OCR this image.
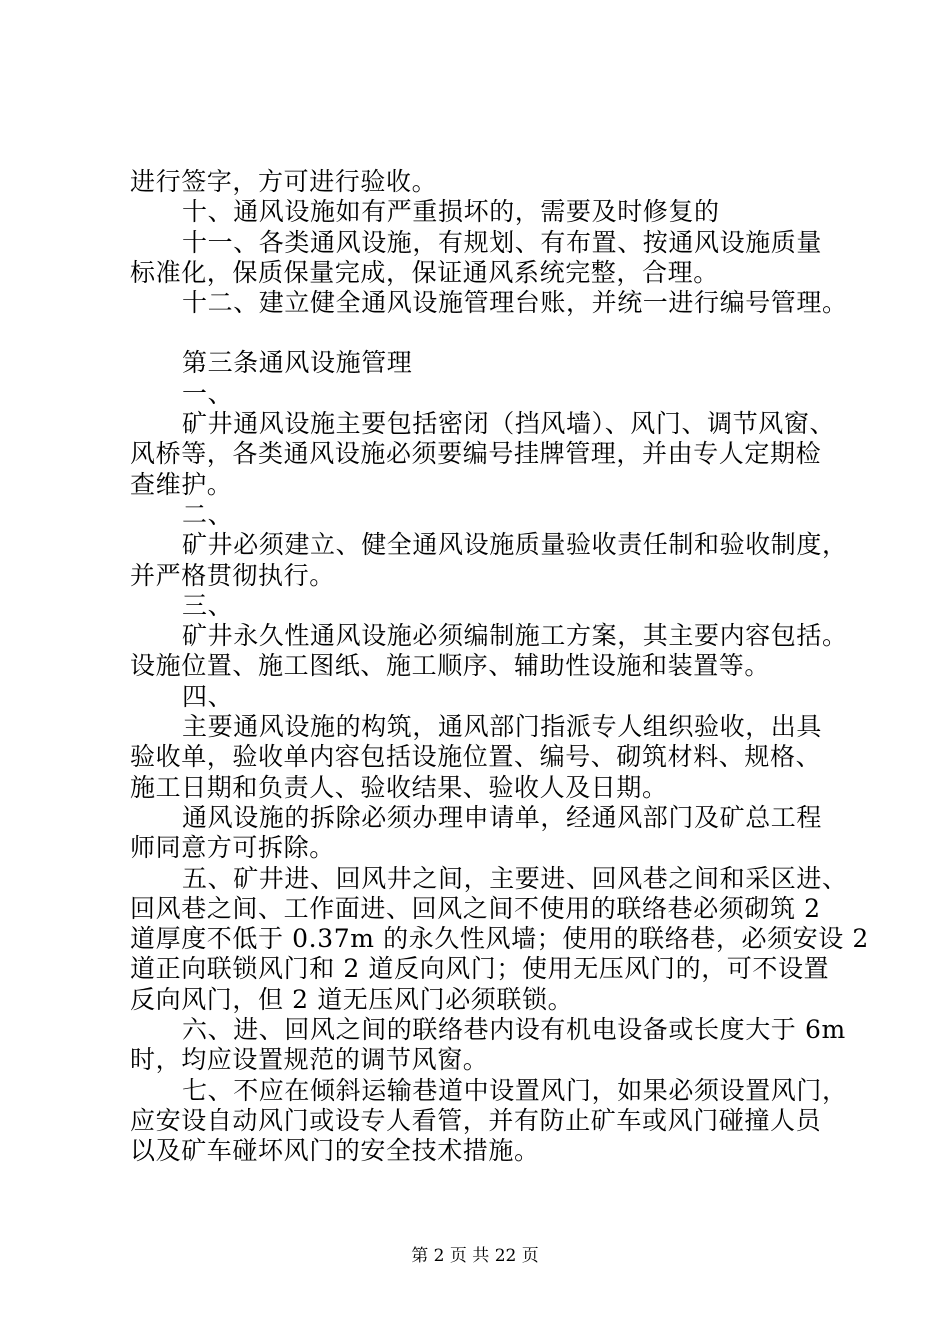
进行签字，方可进行验收。
十、通风设施如有严重损坏的，需要及时修复的
十一、各类通风设施，有规划、有布置、按通风设施质量
标准化，保质保量完成，保证通风系统完整，合理。
十二、建立健全通风设施管理台账，并统一进行编号管理。
第三条通风设施管理
一、
矿井通风设施主要包括密闭（挡风墙）、风门、调节风窗、
风桥等，各类通风设施必须要编号挂牌管理，并由专人定期检
查维护。
二、
矿井必须建立、健全通风设施质量验收责任制和验收制度，
并严格贯彻执行。
三、
矿井永久性通风设施必须编制施工方案，其主要内容包括。
设施位置、施工图纸、施工顺序、辅助性设施和装置等。
四、
主要通风设施的构筑，通风部门指派专人组织验收，出具
验收单，验收单内容包括设施位置、编号、砌筑材料、规格、
施工日期和负责人、验收结果、验收人及日期。
通风设施的拆除必须办理申请单，经通风部门及矿总工程
师同意方可拆除。
五、矿井进、回风井之间，主要进、回风巷之间和采区进、
回风巷之间、工作面进、回风之间不使用的联络巷必须砌筑 2
道厚度不低于 0.37m 的永久性风墙；使用的联络巷，必须安设 2
道正向联锁风门和 2 道反向风门；使用无压风门的，可不设置
反向风门，但 2 道无压风门必须联锁。
六、进、回风之间的联络巷内设有机电设备或长度大于 6m
时，均应设置规范的调节风窗。
七、不应在倾斜运输巷道中设置风门，如果必须设置风门，
应安设自动风门或设专人看管，并有防止矿车或风门碰撞人员
以及矿车碰坏风门的安全技术措施。
第 2 页 共 22 页
